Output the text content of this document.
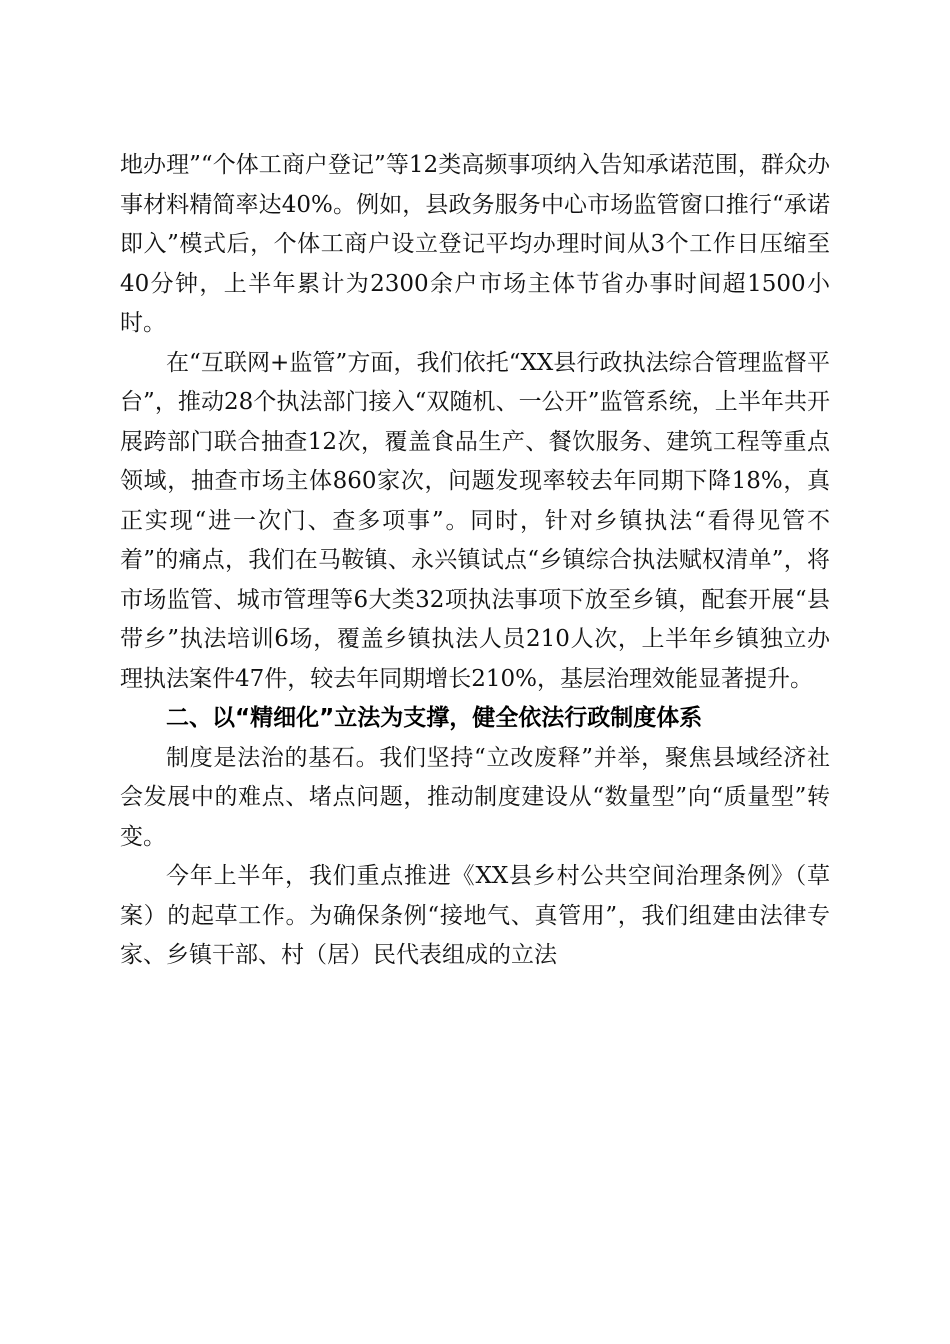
地办理”“个体工商户登记”等12类高频事项纳入告知承诺范围，群众办事材料精简率达40%。例如，县政务服务中心市场监管窗口推行“承诺即入”模式后，个体工商户设立登记平均办理时间从3个工作日压缩至40分钟，上半年累计为2300余户市场主体节省办事时间超1500小时。

在“互联网+监管”方面，我们依托“XX县行政执法综合管理监督平台”，推动28个执法部门接入“双随机、一公开”监管系统，上半年共开展跨部门联合抽查12次，覆盖食品生产、餐饮服务、建筑工程等重点领域，抽查市场主体860家次，问题发现率较去年同期下降18%，真正实现“进一次门、查多项事”。同时，针对乡镇执法“看得见管不着”的痛点，我们在马鞍镇、永兴镇试点“乡镇综合执法赋权清单”，将市场监管、城市管理等6大类32项执法事项下放至乡镇，配套开展“县带乡”执法培训6场，覆盖乡镇执法人员210人次，上半年乡镇独立办理执法案件47件，较去年同期增长210%，基层治理效能显著提升。

二、以“精细化”立法为支撑，健全依法行政制度体系

制度是法治的基石。我们坚持“立改废释”并举，聚焦县域经济社会发展中的难点、堵点问题，推动制度建设从“数量型”向“质量型”转变。

今年上半年，我们重点推进《XX县乡村公共空间治理条例》（草案）的起草工作。为确保条例“接地气、真管用”，我们组建由法律专家、乡镇干部、村（居）民代表组成的立法
